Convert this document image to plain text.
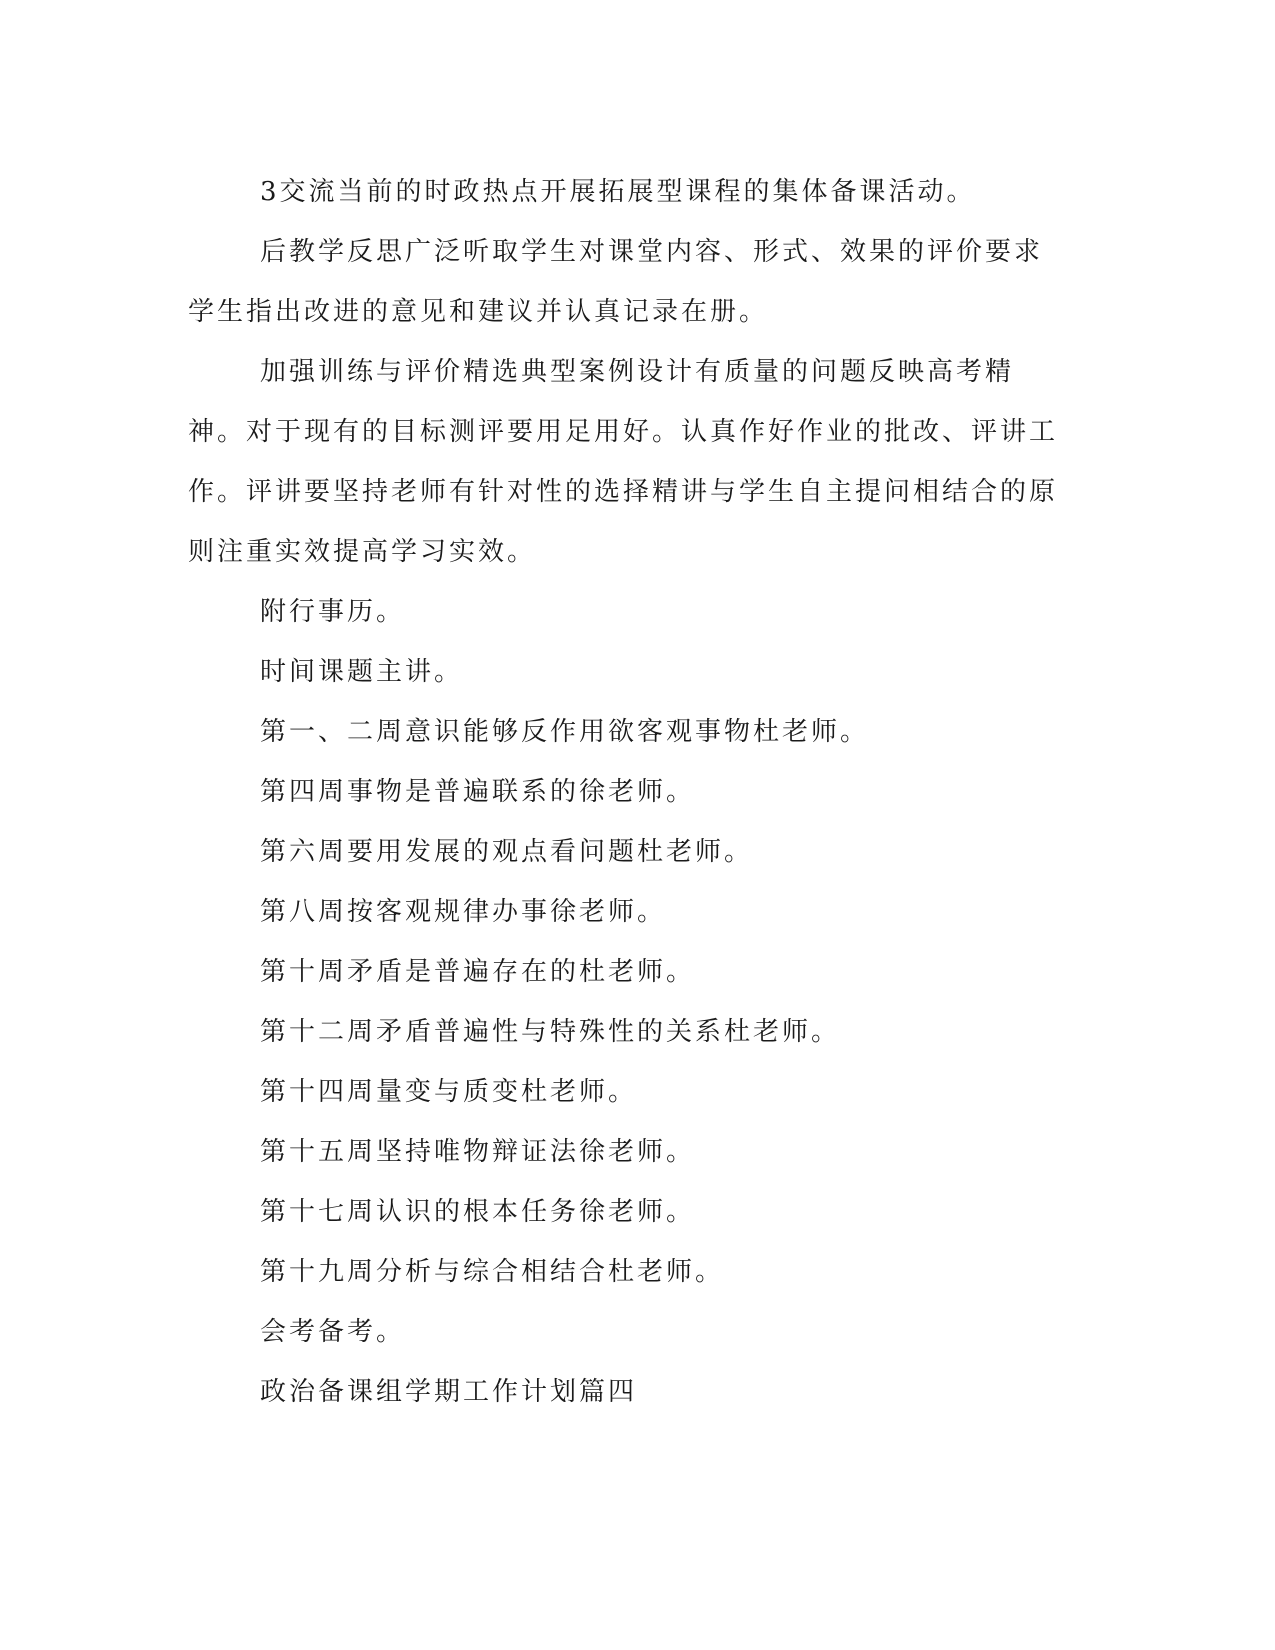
3交流当前的时政热点开展拓展型课程的集体备课活动。

后教学反思广泛听取学生对课堂内容、形式、效果的评价要求学生指出改进的意见和建议并认真记录在册。

加强训练与评价精选典型案例设计有质量的问题反映高考精神。对于现有的目标测评要用足用好。认真作好作业的批改、评讲工作。评讲要坚持老师有针对性的选择精讲与学生自主提问相结合的原则注重实效提高学习实效。

附行事历。

时间课题主讲。

第一、二周意识能够反作用欲客观事物杜老师。

第四周事物是普遍联系的徐老师。

第六周要用发展的观点看问题杜老师。

第八周按客观规律办事徐老师。

第十周矛盾是普遍存在的杜老师。

第十二周矛盾普遍性与特殊性的关系杜老师。

第十四周量变与质变杜老师。

第十五周坚持唯物辩证法徐老师。

第十七周认识的根本任务徐老师。

第十九周分析与综合相结合杜老师。

会考备考。

政治备课组学期工作计划篇四
